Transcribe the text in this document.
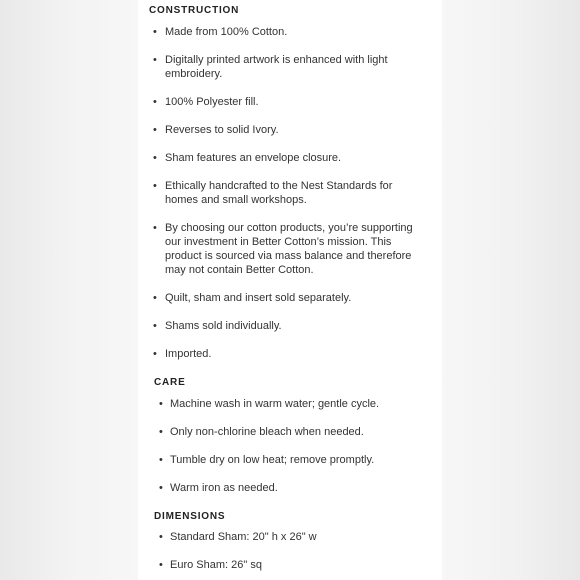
CONSTRUCTION
• Made from 100% Cotton.
• Digitally printed artwork is enhanced with light embroidery.
• 100% Polyester fill.
• Reverses to solid Ivory.
• Sham features an envelope closure.
• Ethically handcrafted to the Nest Standards for homes and small workshops.
• By choosing our cotton products, you’re supporting our investment in Better Cotton’s mission. This product is sourced via mass balance and therefore may not contain Better Cotton.
• Quilt, sham and insert sold separately.
• Shams sold individually.
• Imported.
CARE
• Machine wash in warm water; gentle cycle.
• Only non-chlorine bleach when needed.
• Tumble dry on low heat; remove promptly.
• Warm iron as needed.
DIMENSIONS
• Standard Sham: 20" h x 26" w
• Euro Sham: 26" sq
